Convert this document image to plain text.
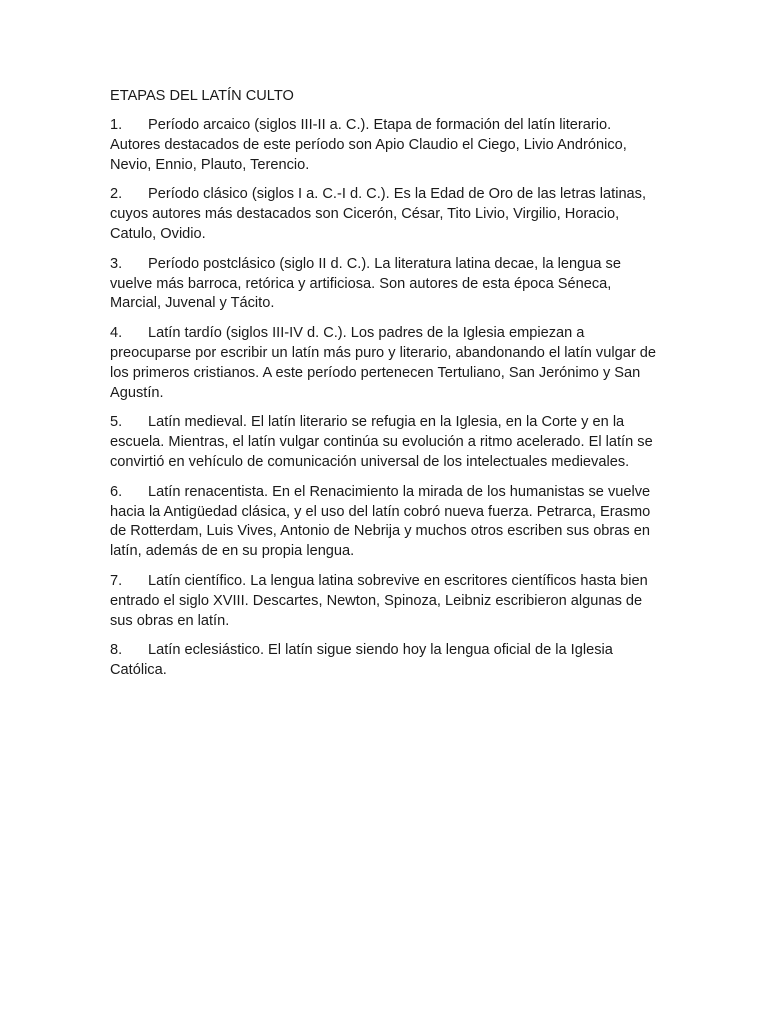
ETAPAS DEL LATÍN CULTO
1. Período arcaico (siglos III-II a. C.). Etapa de formación del latín literario. Autores destacados de este período son Apio Claudio el Ciego, Livio Andrónico, Nevio, Ennio, Plauto, Terencio.
2. Período clásico (siglos I a. C.-I d. C.). Es la Edad de Oro de las letras latinas, cuyos autores más destacados son Cicerón, César, Tito Livio, Virgilio, Horacio, Catulo, Ovidio.
3. Período postclásico (siglo II d. C.). La literatura latina decae, la lengua se vuelve más barroca, retórica y artificiosa. Son autores de esta época Séneca, Marcial, Juvenal y Tácito.
4. Latín tardío (siglos III-IV d. C.). Los padres de la Iglesia empiezan a preocuparse por escribir un latín más puro y literario, abandonando el latín vulgar de los primeros cristianos. A este período pertenecen Tertuliano, San Jerónimo y San Agustín.
5. Latín medieval. El latín literario se refugia en la Iglesia, en la Corte y en la escuela. Mientras, el latín vulgar continúa su evolución a ritmo acelerado. El latín se convirtió en vehículo de comunicación universal de los intelectuales medievales.
6. Latín renacentista. En el Renacimiento la mirada de los humanistas se vuelve hacia la Antigüedad clásica, y el uso del latín cobró nueva fuerza. Petrarca, Erasmo de Rotterdam, Luis Vives, Antonio de Nebrija y muchos otros escriben sus obras en latín, además de en su propia lengua.
7. Latín científico. La lengua latina sobrevive en escritores científicos hasta bien entrado el siglo XVIII. Descartes, Newton, Spinoza, Leibniz escribieron algunas de sus obras en latín.
8. Latín eclesiástico. El latín sigue siendo hoy la lengua oficial de la Iglesia Católica.
